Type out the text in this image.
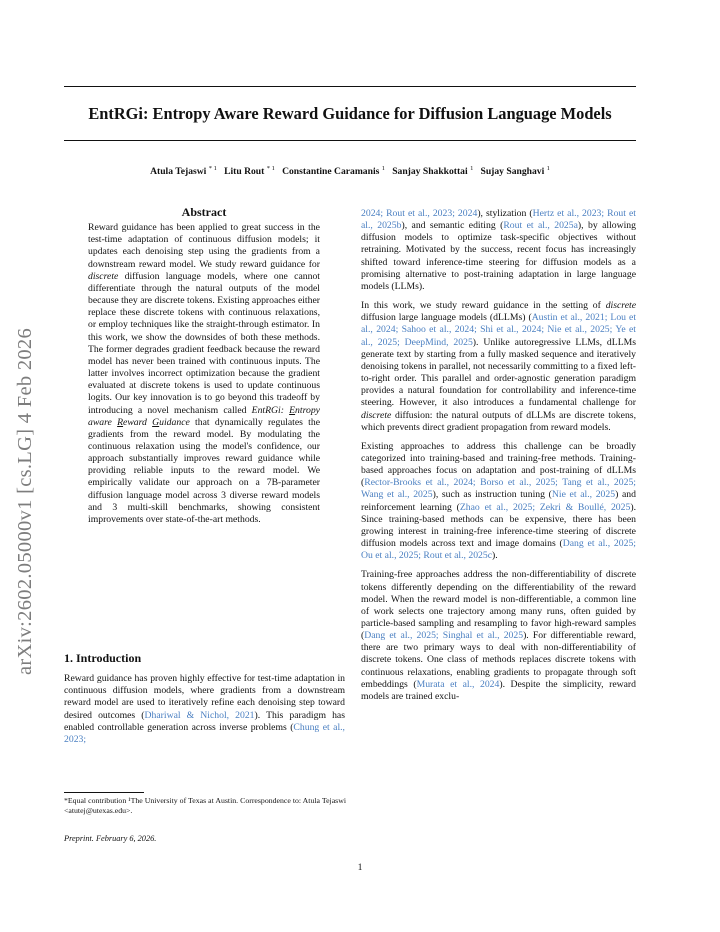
EntRGi: Entropy Aware Reward Guidance for Diffusion Language Models
Atula Tejaswi $^{* 1}$ Litu Rout $^{* 1}$ Constantine Caramanis $^1$ Sanjay Shakkottai $^1$ Sujay Sanghavi $^1$
arXiv:2602.05000v1 [cs.LG] 4 Feb 2026
Abstract

Reward guidance has been applied to great success in the test-time adaptation of continuous diffusion models; it updates each denoising step using the gradients from a downstream reward model. We study reward guidance for discrete diffusion language models, where one cannot differentiate through the natural outputs of the model because they are discrete tokens. Existing approaches either replace these discrete tokens with continuous relaxations, or employ techniques like the straight-through estimator. In this work, we show the downsides of both these methods. The former degrades gradient feedback because the reward model has never been trained with continuous inputs. The latter involves incorrect optimization because the gradient evaluated at discrete tokens is used to update continuous logits. Our key innovation is to go beyond this tradeoff by introducing a novel mechanism called EntRGi: Entropy aware Reward Guidance that dynamically regulates the gradients from the reward model. By modulating the continuous relaxation using the model's confidence, our approach substantially improves reward guidance while providing reliable inputs to the reward model. We empirically validate our approach on a 7B-parameter diffusion language model across 3 diverse reward models and 3 multi-skill benchmarks, showing consistent improvements over state-of-the-art methods.

1. Introduction

Reward guidance has proven highly effective for test-time adaptation in continuous diffusion models, where gradients from a downstream reward model are used to iteratively refine each denoising step toward desired outcomes (Dhariwal & Nichol, 2021). This paradigm has enabled controllable generation across inverse problems (Chung et al., 2023;

*Equal contribution ¹The University of Texas at Austin. Correspondence to: Atula Tejaswi <atutej@utexas.edu>.
Preprint. February 6, 2026.

2024; Rout et al., 2023; 2024), stylization (Hertz et al., 2023; Rout et al., 2025b), and semantic editing (Rout et al., 2025a), by allowing diffusion models to optimize task-specific objectives without retraining. Motivated by the success, recent focus has increasingly shifted toward inference-time steering for diffusion models as a promising alternative to post-training adaptation in large language models (LLMs).

In this work, we study reward guidance in the setting of discrete diffusion large language models (dLLMs) (Austin et al., 2021; Lou et al., 2024; Sahoo et al., 2024; Shi et al., 2024; Nie et al., 2025; Ye et al., 2025; DeepMind, 2025). Unlike autoregressive LLMs, dLLMs generate text by starting from a fully masked sequence and iteratively denoising tokens in parallel, not necessarily committing to a fixed left-to-right order. This parallel and order-agnostic generation paradigm provides a natural foundation for controllability and inference-time steering. However, it also introduces a fundamental challenge for discrete diffusion: the natural outputs of dLLMs are discrete tokens, which prevents direct gradient propagation from reward models.

Existing approaches to address this challenge can be broadly categorized into training-based and training-free methods. Training-based approaches focus on adaptation and post-training of dLLMs (Rector-Brooks et al., 2024; Borso et al., 2025; Tang et al., 2025; Wang et al., 2025), such as instruction tuning (Nie et al., 2025) and reinforcement learning (Zhao et al., 2025; Zekri & Boullé, 2025). Since training-based methods can be expensive, there has been growing interest in training-free inference-time steering of discrete diffusion models across text and image domains (Dang et al., 2025; Ou et al., 2025; Rout et al., 2025c).

Training-free approaches address the non-differentiability of discrete tokens differently depending on the differentiability of the reward model. When the reward model is non-differentiable, a common line of work selects one trajectory among many runs, often guided by particle-based sampling and resampling to favor high-reward samples (Dang et al., 2025; Singhal et al., 2025). For differentiable reward, there are two primary ways to deal with non-differentiability of discrete tokens. One class of methods replaces discrete tokens with continuous relaxations, enabling gradients to propagate through soft embeddings (Murata et al., 2024). Despite the simplicity, reward models are trained exclu-

1
